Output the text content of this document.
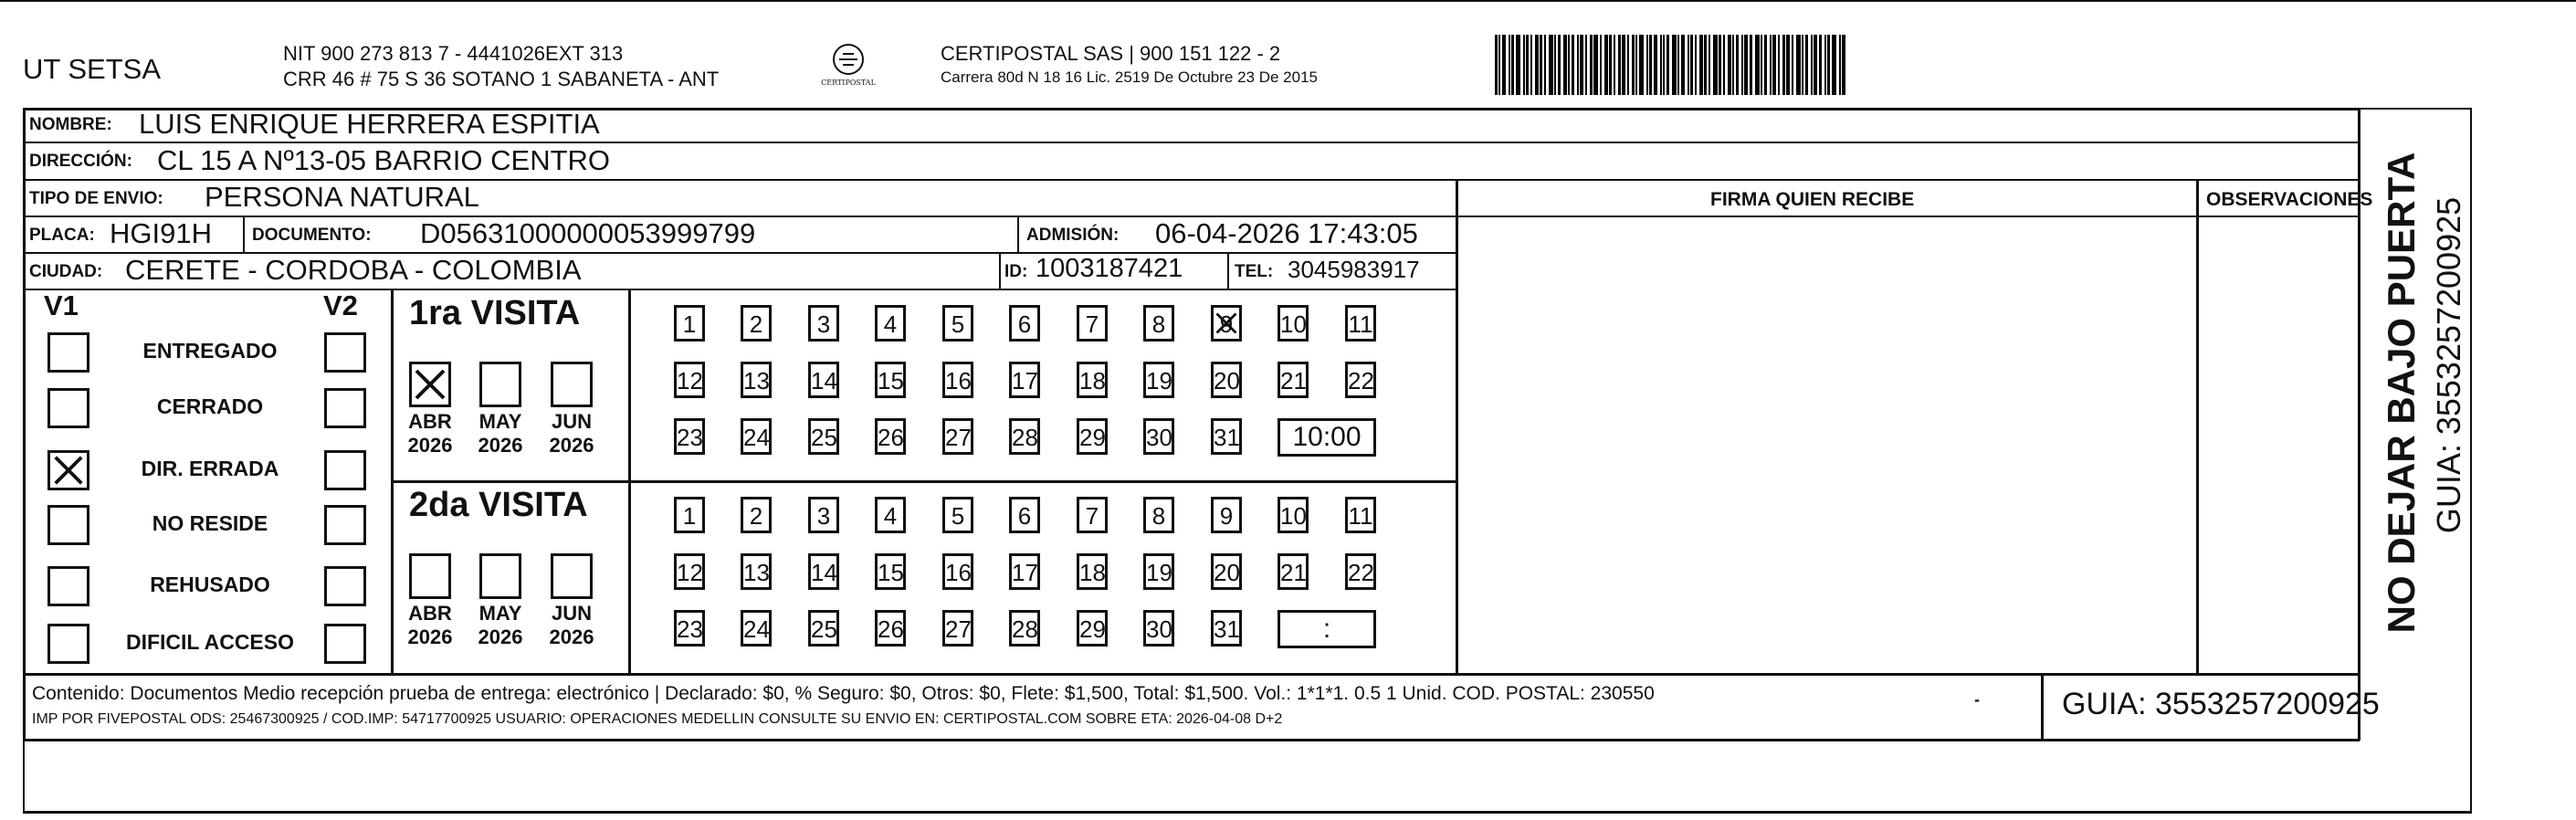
UT SETSA	NIT 900 273 813 7 - 4441026EXT 313
CRR 46 # 75 S 36 SOTANO 1 SABANETA - ANT	CERTIPOSTAL
CERTIPOSTAL SAS | 900 151 122 - 2
Carrera 80d N 18 16 Lic. 2519 De Octubre 23 De 2015
NOMBRE: LUIS ENRIQUE HERRERA ESPITIA
DIRECCIÓN: CL 15 A Nº13-05 BARRIO CENTRO
TIPO DE ENVIO: PERSONA NATURAL	FIRMA QUIEN RECIBE	OBSERVACIONES
PLACA: HGI91H DOCUMENTO: D05631000000053999799	ADMISIÓN: 06-04-2026 17:43:05
CIUDAD: CERETE - CORDOBA - COLOMBIA	ID: 1003187421	TEL: 3045983917
V1	V2
ENTREGADO
CERRADO
DIR. ERRADA
NO RESIDE
REHUSADO
DIFICIL ACCESO
1ra VISITA
ABR
2026
MAY
2026
JUN
2026
1	2	3	4	5	6	7	8	9	10 11
12 13 14 15 16 17 18 19 20 21 22
23 24 25 26 27 28 29 30 31	10:00
2da VISITA
ABR
2026
MAY
2026
JUN
2026
1	2	3	4	5	6	7	8	9	10 11
12 13 14 15 16 17 18 19 20 21 22
23 24 25 26 27 28 29 30 31	:
Contenido: Documentos Medio recepción prueba de entrega: electrónico | Declarado: $0, % Seguro: $0, Otros: $0, Flete: $1,500, Total: $1,500. Vol.: 1*1*1. 0.5 1 Unid. COD. POSTAL: 230550
IMP POR FIVEPOSTAL ODS: 25467300925 / COD.IMP: 54717700925 USUARIO: OPERACIONES MEDELLIN CONSULTE SU ENVIO EN: CERTIPOSTAL.COM SOBRE ETA: 2026-04-08 D+2
-	GUIA: 3553257200925
NO DEJAR BAJO PUERTA GUIA: 3553257200925
